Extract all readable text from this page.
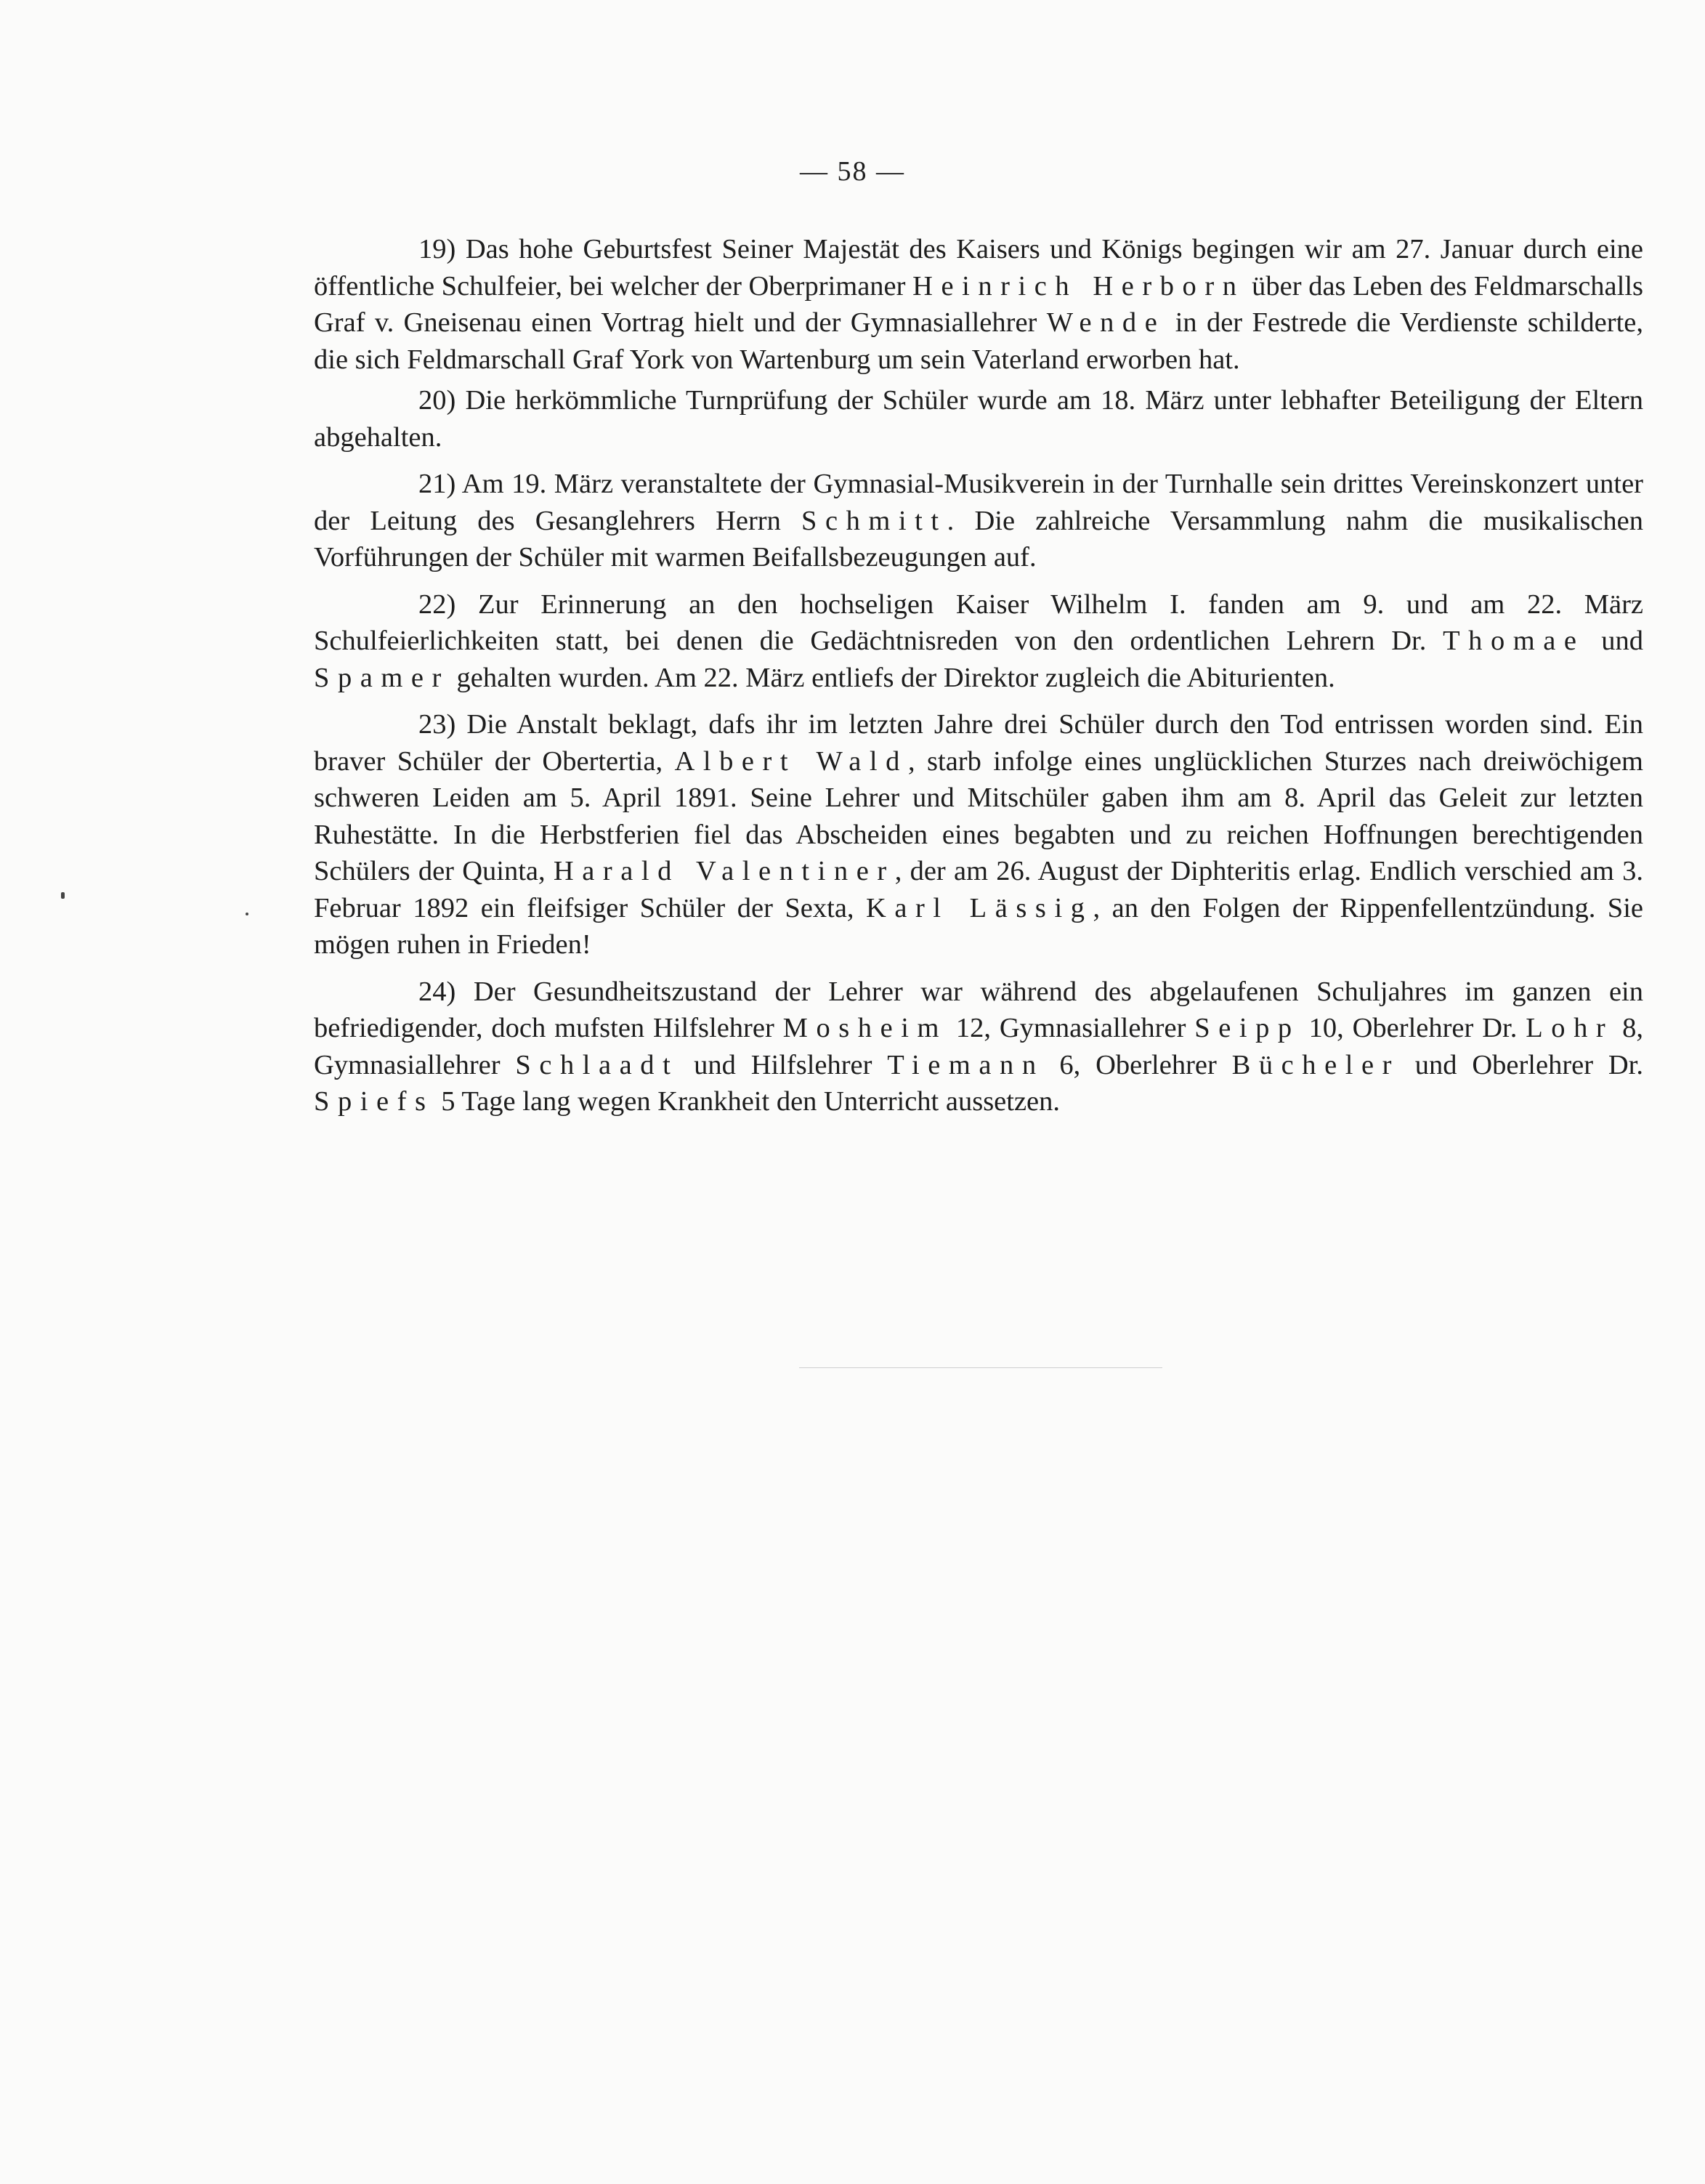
— 58 —

19) Das hohe Geburtsfest Seiner Majestät des Kaisers und Königs begingen wir am 27. Januar durch eine öffentliche Schulfeier, bei welcher der Oberprimaner Heinrich Herborn über das Leben des Feldmarschalls Graf v. Gneisenau einen Vortrag hielt und der Gymnasiallehrer Wende in der Festrede die Verdienste schilderte, die sich Feldmarschall Graf York von Wartenburg um sein Vaterland erworben hat.

20) Die herkömmliche Turnprüfung der Schüler wurde am 18. März unter lebhafter Beteiligung der Eltern abgehalten.

21) Am 19. März veranstaltete der Gymnasial-Musikverein in der Turnhalle sein drittes Vereinskonzert unter der Leitung des Gesanglehrers Herrn Schmitt. Die zahlreiche Versammlung nahm die musikalischen Vorführungen der Schüler mit warmen Beifallsbezeugungen auf.

22) Zur Erinnerung an den hochseligen Kaiser Wilhelm I. fanden am 9. und am 22. März Schulfeierlichkeiten statt, bei denen die Gedächtnisreden von den ordentlichen Lehrern Dr. Thomae und Spamer gehalten wurden. Am 22. März entliefs der Direktor zugleich die Abiturienten.

23) Die Anstalt beklagt, dafs ihr im letzten Jahre drei Schüler durch den Tod entrissen worden sind. Ein braver Schüler der Obertertia, Albert Wald, starb infolge eines unglücklichen Sturzes nach dreiwöchigem schweren Leiden am 5. April 1891. Seine Lehrer und Mitschüler gaben ihm am 8. April das Geleit zur letzten Ruhestätte. In die Herbstferien fiel das Abscheiden eines begabten und zu reichen Hoffnungen berechtigenden Schülers der Quinta, Harald Valentiner, der am 26. August der Diphteritis erlag. Endlich verschied am 3. Februar 1892 ein fleifsiger Schüler der Sexta, Karl Lässig, an den Folgen der Rippenfellentzündung. Sie mögen ruhen in Frieden!

24) Der Gesundheitszustand der Lehrer war während des abgelaufenen Schuljahres im ganzen ein befriedigender, doch mufsten Hilfslehrer Mosheim 12, Gymnasiallehrer Seipp 10, Oberlehrer Dr. Lohr 8, Gymnasiallehrer Schlaadt und Hilfslehrer Tiemann 6, Oberlehrer Bücheler und Oberlehrer Dr. Spiefs 5 Tage lang wegen Krankheit den Unterricht aussetzen.
